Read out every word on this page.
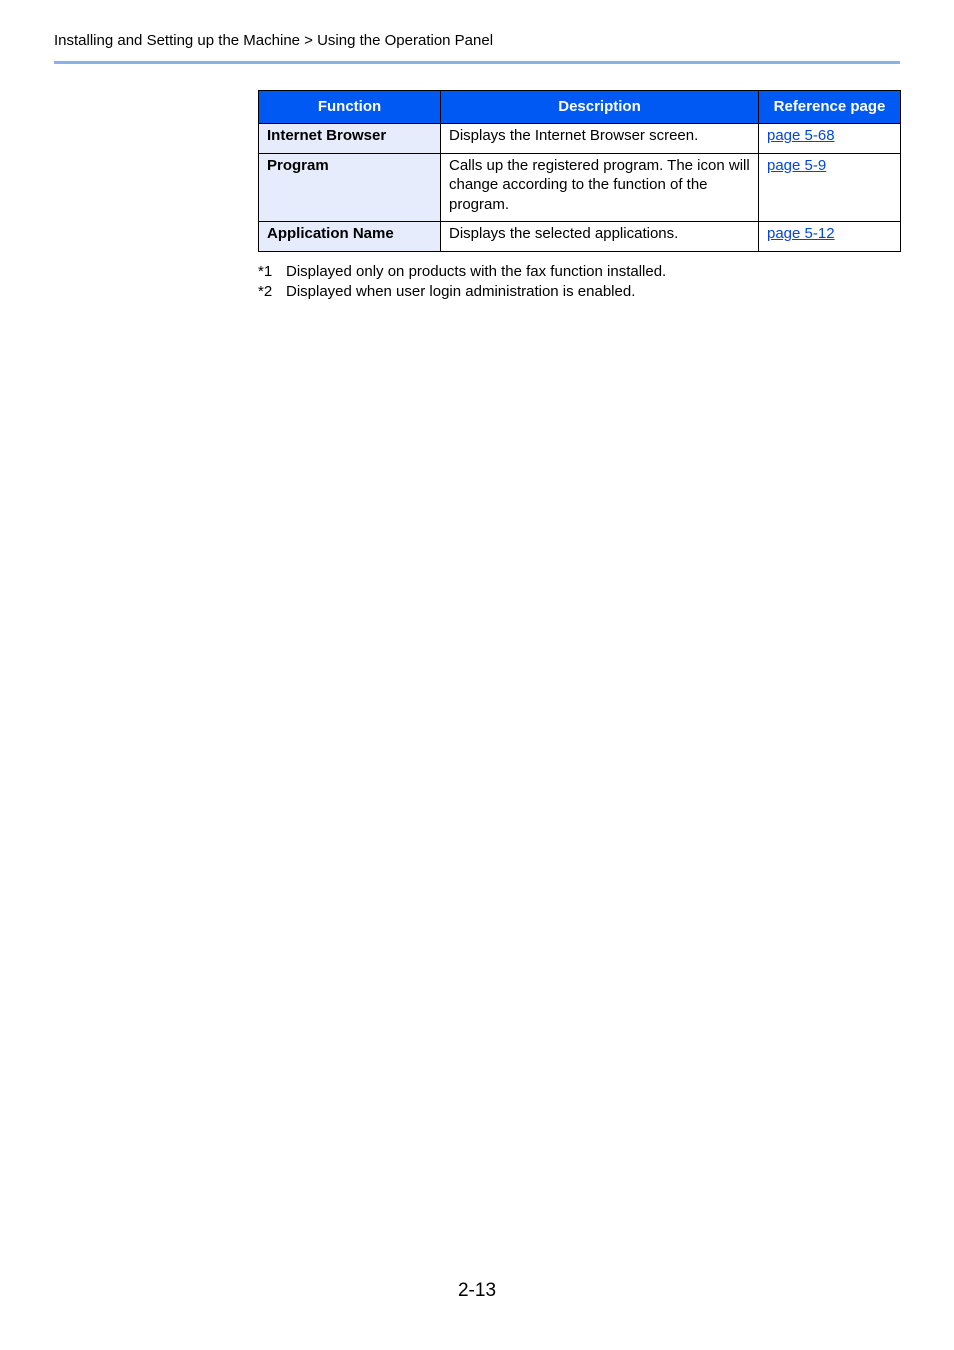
Installing and Setting up the Machine > Using the Operation Panel
Function	Description	Reference page
Internet Browser	Displays the Internet Browser screen.	page 5-68
Program	Calls up the registered program. The icon will change according to the function of the program.	page 5-9
Application Name	Displays the selected applications.	page 5-12
*1 Displayed only on products with the fax function installed.
*2 Displayed when user login administration is enabled.
2-13
